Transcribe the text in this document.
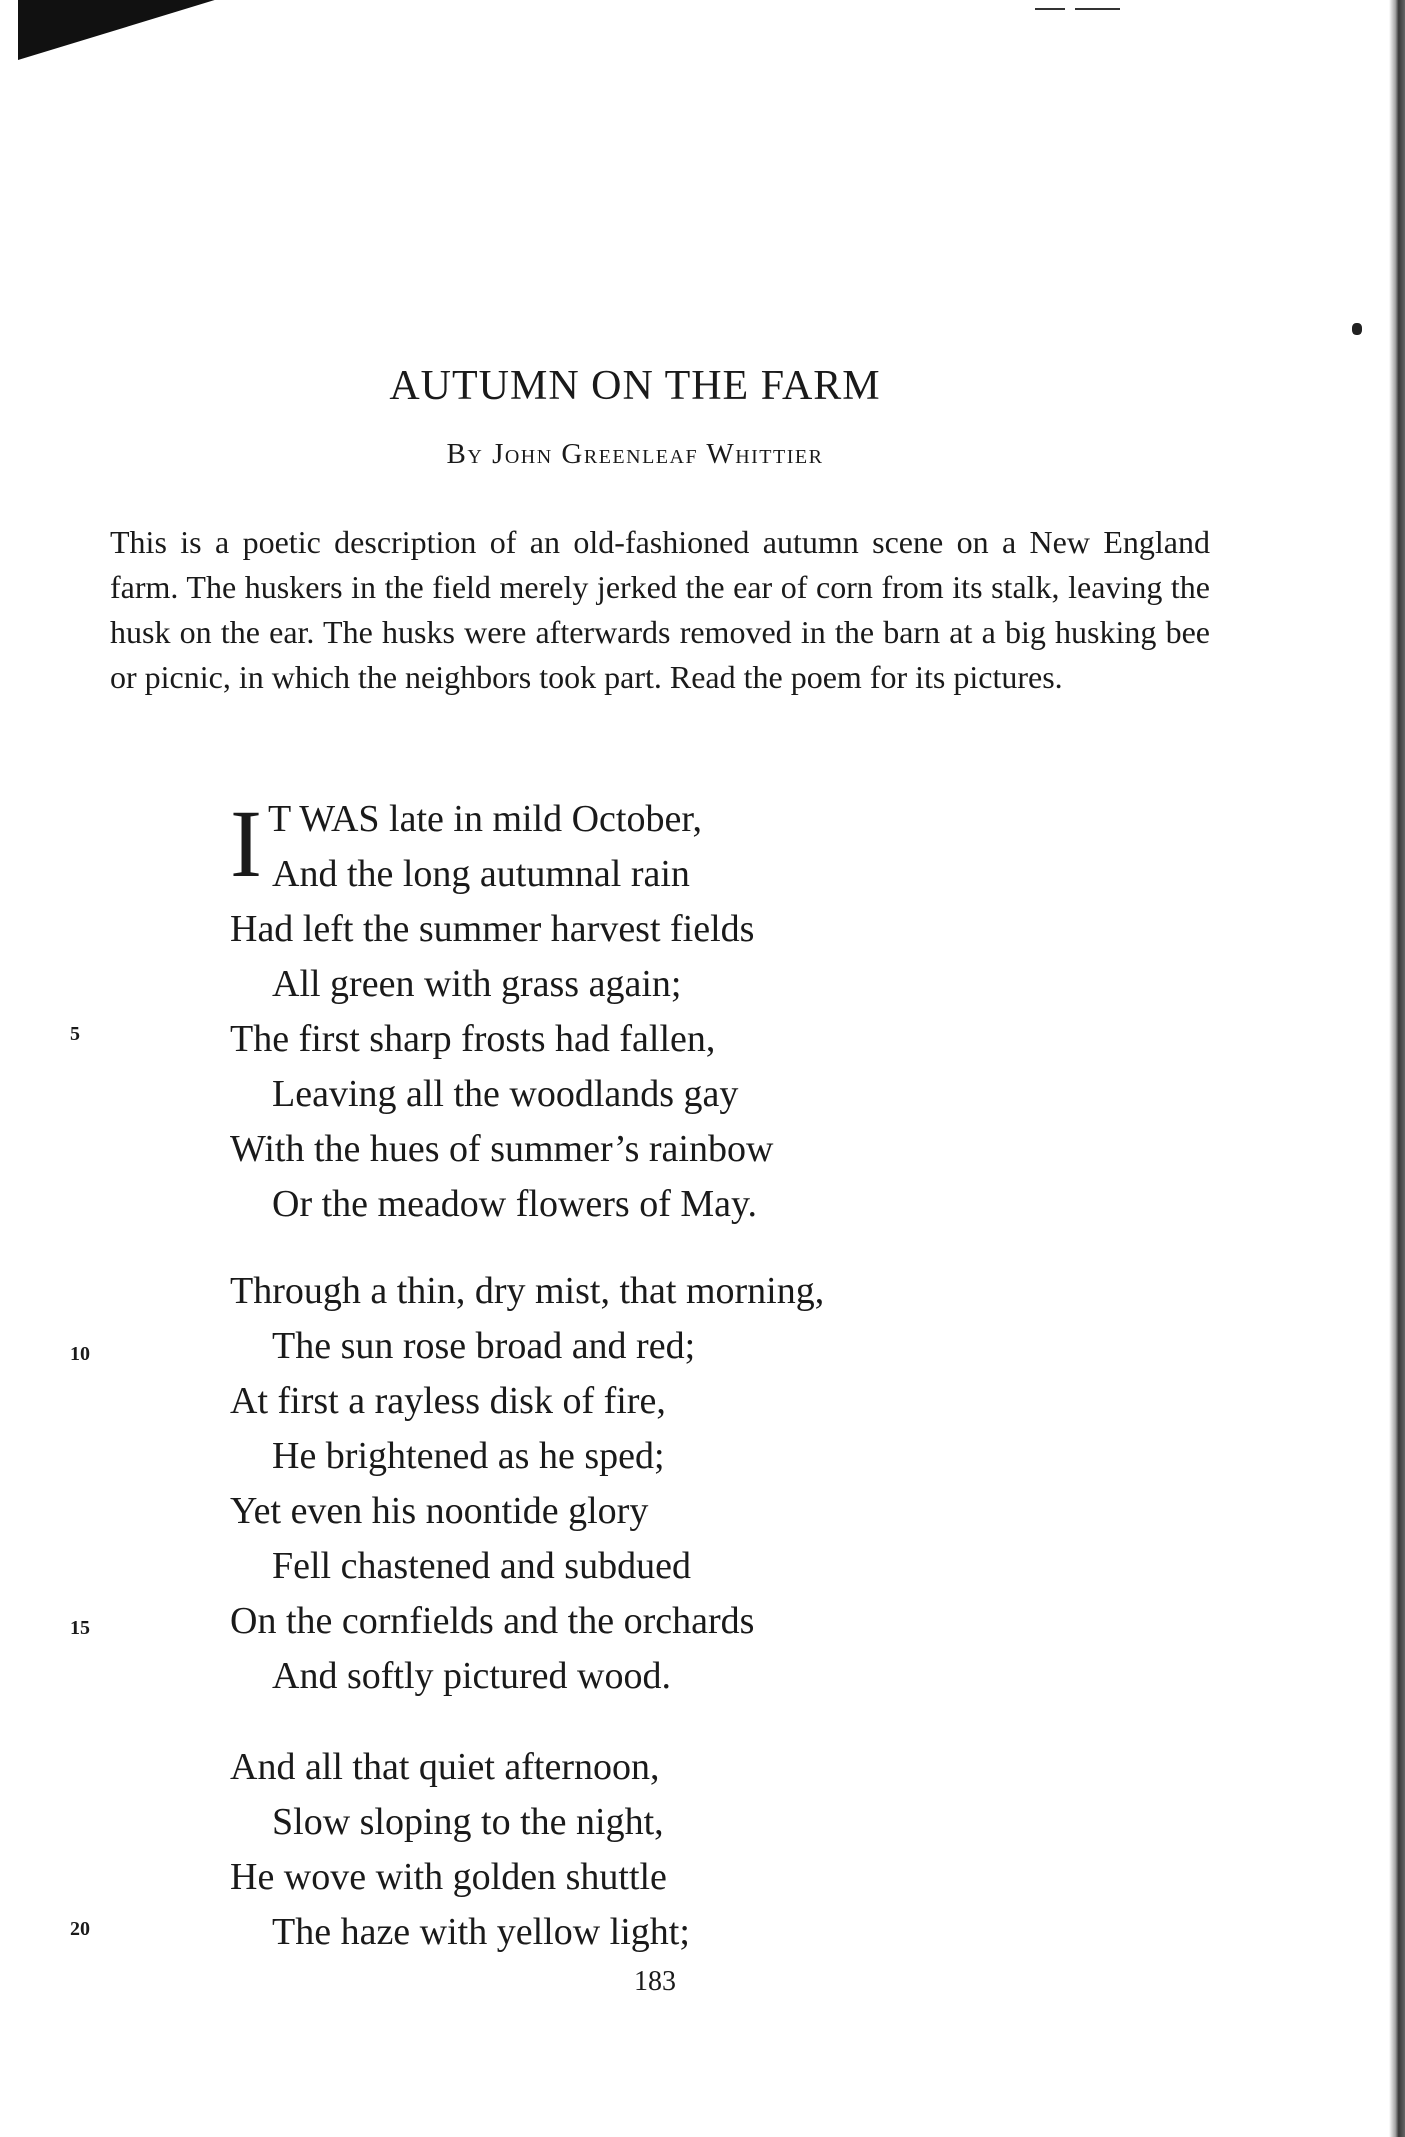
AUTUMN ON THE FARM

By John Greenleaf Whittier

This is a poetic description of an old-fashioned autumn scene on a New England farm. The huskers in the field merely jerked the ear of corn from its stalk, leaving the husk on the ear. The husks were afterwards removed in the barn at a big husking bee or picnic, in which the neighbors took part. Read the poem for its pictures.

I T WAS late in mild October,
And the long autumnal rain
Had left the summer harvest fields
All green with grass again;
The first sharp frosts had fallen,
Leaving all the woodlands gay
With the hues of summer’s rainbow
Or the meadow flowers of May.
Through a thin, dry mist, that morning,
The sun rose broad and red;
At first a rayless disk of fire,
He brightened as he sped;
Yet even his noontide glory
Fell chastened and subdued
On the cornfields and the orchards
And softly pictured wood.
And all that quiet afternoon,
Slow sloping to the night,
He wove with golden shuttle
The haze with yellow light;
5
10
15
20

183
